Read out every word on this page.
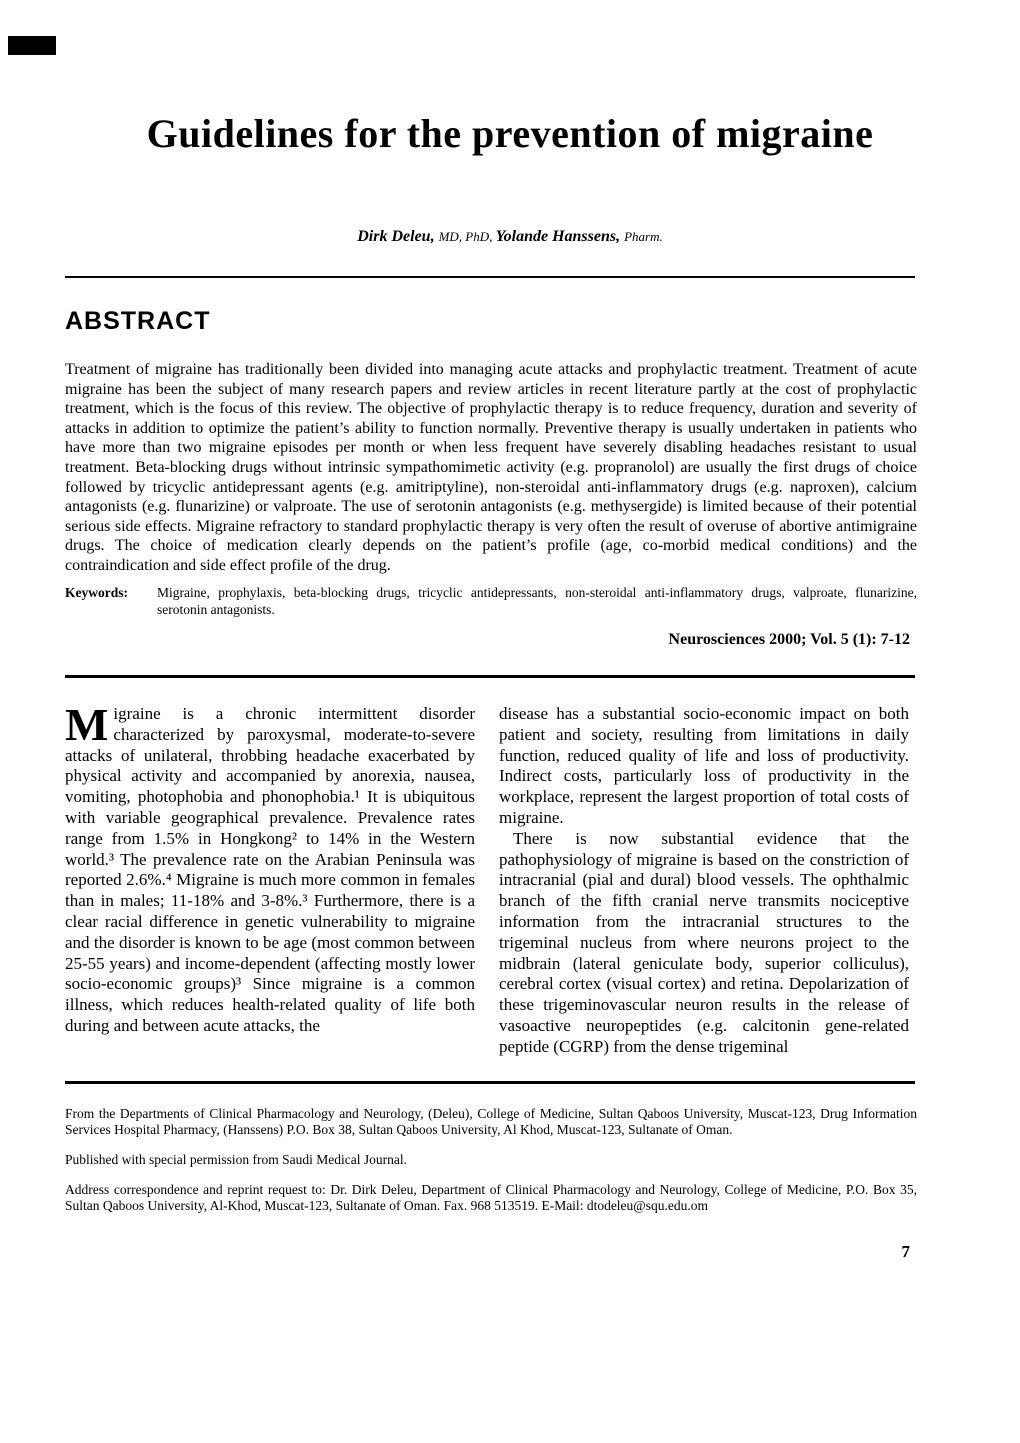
Guidelines for the prevention of migraine
Dirk Deleu, MD, PhD, Yolande Hanssens, Pharm.
ABSTRACT
Treatment of migraine has traditionally been divided into managing acute attacks and prophylactic treatment. Treatment of acute migraine has been the subject of many research papers and review articles in recent literature partly at the cost of prophylactic treatment, which is the focus of this review. The objective of prophylactic therapy is to reduce frequency, duration and severity of attacks in addition to optimize the patient’s ability to function normally. Preventive therapy is usually undertaken in patients who have more than two migraine episodes per month or when less frequent have severely disabling headaches resistant to usual treatment. Beta-blocking drugs without intrinsic sympathomimetic activity (e.g. propranolol) are usually the first drugs of choice followed by tricyclic antidepressant agents (e.g. amitriptyline), non-steroidal anti-inflammatory drugs (e.g. naproxen), calcium antagonists (e.g. flunarizine) or valproate. The use of serotonin antagonists (e.g. methysergide) is limited because of their potential serious side effects. Migraine refractory to standard prophylactic therapy is very often the result of overuse of abortive antimigraine drugs. The choice of medication clearly depends on the patient’s profile (age, co-morbid medical conditions) and the contraindication and side effect profile of the drug.
Keywords:	Migraine, prophylaxis, beta-blocking drugs, tricyclic antidepressants, non-steroidal anti-inflammatory drugs, valproate, flunarizine, serotonin antagonists.
Neurosciences 2000; Vol. 5 (1): 7-12

Migraine is a chronic intermittent disorder characterized by paroxysmal, moderate-to-severe attacks of unilateral, throbbing headache exacerbated by physical activity and accompanied by anorexia, nausea, vomiting, photophobia and phonophobia.¹ It is ubiquitous with variable geographical prevalence. Prevalence rates range from 1.5% in Hongkong² to 14% in the Western world.³ The prevalence rate on the Arabian Peninsula was reported 2.6%.⁴ Migraine is much more common in females than in males; 11-18% and 3-8%.³ Furthermore, there is a clear racial difference in genetic vulnerability to migraine and the disorder is known to be age (most common between 25-55 years) and income-dependent (affecting mostly lower socio-economic groups)³ Since migraine is a common illness, which reduces health-related quality of life both during and between acute attacks, the

disease has a substantial socio-economic impact on both patient and society, resulting from limitations in daily function, reduced quality of life and loss of productivity. Indirect costs, particularly loss of productivity in the workplace, represent the largest proportion of total costs of migraine.

There is now substantial evidence that the pathophysiology of migraine is based on the constriction of intracranial (pial and dural) blood vessels. The ophthalmic branch of the fifth cranial nerve transmits nociceptive information from the intracranial structures to the trigeminal nucleus from where neurons project to the midbrain (lateral geniculate body, superior colliculus), cerebral cortex (visual cortex) and retina. Depolarization of these trigeminovascular neuron results in the release of vasoactive neuropeptides (e.g. calcitonin gene-related peptide (CGRP) from the dense trigeminal

From the Departments of Clinical Pharmacology and Neurology, (Deleu), College of Medicine, Sultan Qaboos University, Muscat-123, Drug Information Services Hospital Pharmacy, (Hanssens) P.O. Box 38, Sultan Qaboos University, Al Khod, Muscat-123, Sultanate of Oman.

Published with special permission from Saudi Medical Journal.

Address correspondence and reprint request to: Dr. Dirk Deleu, Department of Clinical Pharmacology and Neurology, College of Medicine, P.O. Box 35, Sultan Qaboos University, Al-Khod, Muscat-123, Sultanate of Oman. Fax. 968 513519. E-Mail: dtodeleu@squ.edu.om

7
